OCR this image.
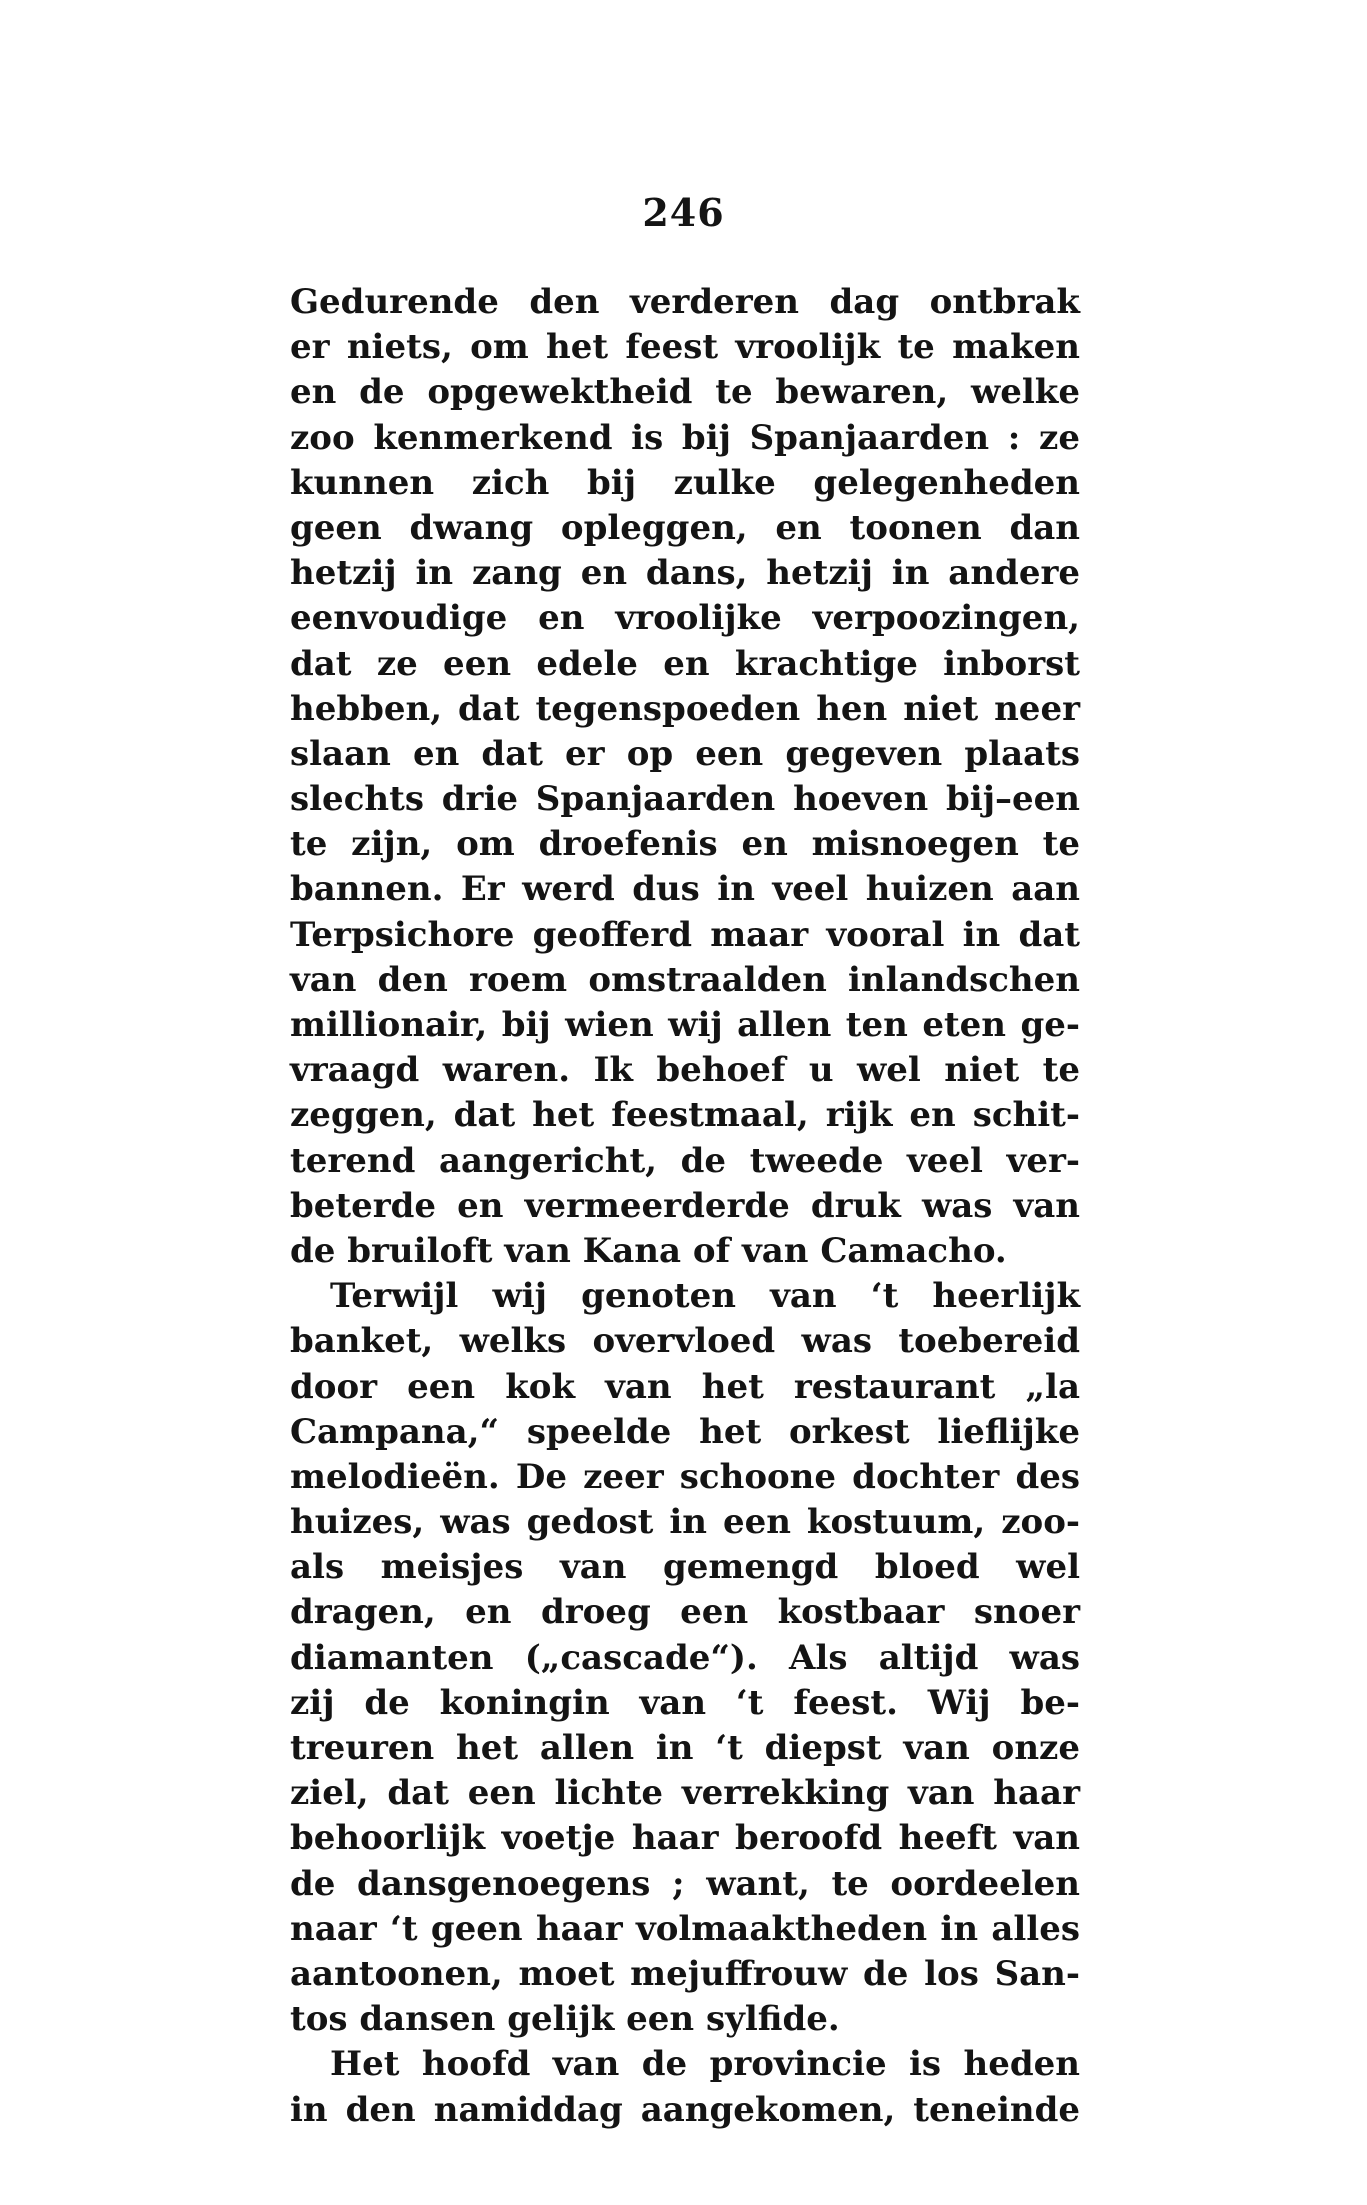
246
Gedurende den verderen dag ontbrak
er niets, om het feest vroolijk te maken
en de opgewektheid te bewaren, welke
zoo kenmerkend is bij Spanjaarden : ze
kunnen zich bij zulke gelegenheden
geen dwang opleggen, en toonen dan
hetzij in zang en dans, hetzij in andere
eenvoudige en vroolijke verpoozingen,
dat ze een edele en krachtige inborst
hebben, dat tegenspoeden hen niet neer
slaan en dat er op een gegeven plaats
slechts drie Spanjaarden hoeven bij–een
te zijn, om droefenis en misnoegen te
bannen. Er werd dus in veel huizen aan
Terpsichore geofferd maar vooral in dat
van den roem omstraalden inlandschen
millionair, bij wien wij allen ten eten ge-
vraagd waren. Ik behoef u wel niet te
zeggen, dat het feestmaal, rijk en schit-
terend aangericht, de tweede veel ver-
beterde en vermeerderde druk was van
de bruiloft van Kana of van Camacho.
Terwijl wij genoten van ‘t heerlijk
banket, welks overvloed was toebereid
door een kok van het restaurant „la
Campana,“ speelde het orkest lieflijke
melodieën. De zeer schoone dochter des
huizes, was gedost in een kostuum, zoo-
als meisjes van gemengd bloed wel
dragen, en droeg een kostbaar snoer
diamanten („cascade“). Als altijd was
zij de koningin van ‘t feest. Wij be-
treuren het allen in ‘t diepst van onze
ziel, dat een lichte verrekking van haar
behoorlijk voetje haar beroofd heeft van
de dansgenoegens ; want, te oordeelen
naar ‘t geen haar volmaaktheden in alles
aantoonen, moet mejuffrouw de los San-
tos dansen gelijk een sylfide.
Het hoofd van de provincie is heden
in den namiddag aangekomen, teneinde
